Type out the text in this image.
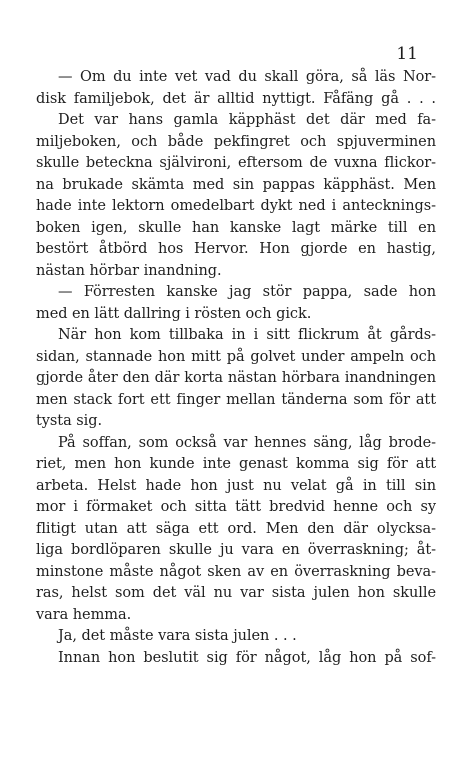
11
— Om du inte vet vad du skall göra, så läs Nor-
disk familjebok, det är alltid nyttigt. Fåfäng gå . . .
Det var hans gamla käpphäst det där med fa-
miljeboken, och både pekfingret och spjuverminen
skulle beteckna självironi, eftersom de vuxna flickor-
na brukade skämta med sin pappas käpphäst. Men
hade inte lektorn omedelbart dykt ned i antecknings-
boken igen, skulle han kanske lagt märke till en
bestört åtbörd hos Hervor. Hon gjorde en hastig,
nästan hörbar inandning.
— Förresten kanske jag stör pappa, sade hon
med en lätt dallring i rösten och gick.
När hon kom tillbaka in i sitt flickrum åt gårds-
sidan, stannade hon mitt på golvet under ampeln och
gjorde åter den där korta nästan hörbara inandningen
men stack fort ett finger mellan tänderna som för att
tysta sig.
På soffan, som också var hennes säng, låg brode-
riet, men hon kunde inte genast komma sig för att
arbeta. Helst hade hon just nu velat gå in till sin
mor i förmaket och sitta tätt bredvid henne och sy
flitigt utan att säga ett ord. Men den där olycksa-
liga bordlöparen skulle ju vara en överraskning; åt-
minstone måste något sken av en överraskning beva-
ras, helst som det väl nu var sista julen hon skulle
vara hemma.
Ja, det måste vara sista julen . . .
Innan hon beslutit sig för något, låg hon på sof-
